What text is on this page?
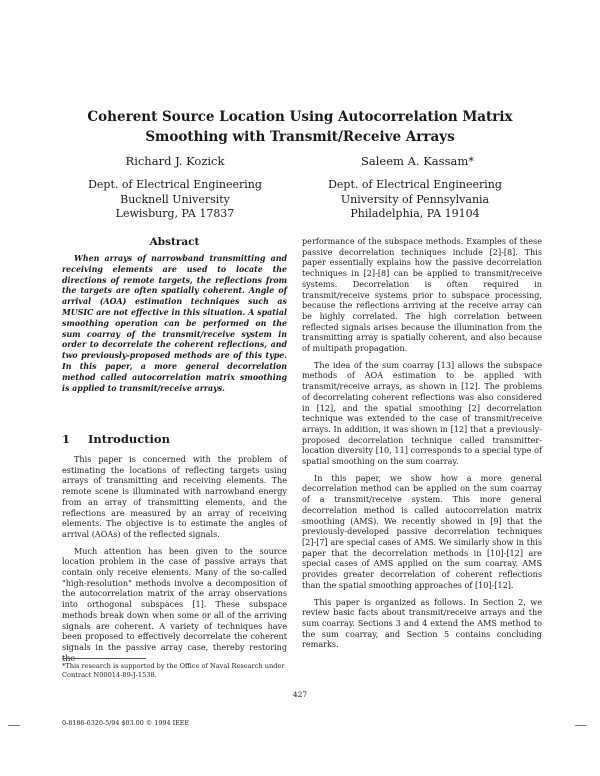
Coherent Source Location Using Autocorrelation Matrix
Smoothing with Transmit/Receive Arrays
Richard J. Kozick	Saleem A. Kassam*
Dept. of Electrical Engineering
Bucknell University
Lewisburg, PA 17837
Dept. of Electrical Engineering
University of Pennsylvania
Philadelphia, PA 19104
Abstract

When arrays of narrowband transmitting and receiving elements are used to locate the directions of remote targets, the reflections from the targets are often spatially coherent. Angle of arrival (AOA) estimation techniques such as MUSIC are not effective in this situation. A spatial smoothing operation can be performed on the sum coarray of the transmit/receive system in order to decorrelate the coherent reflections, and two previously-proposed methods are of this type. In this paper, a more general decorrelation method called autocorrelation matrix smoothing is applied to transmit/receive arrays.

1 Introduction

This paper is concerned with the problem of estimating the locations of reflecting targets using arrays of transmitting and receiving elements. The remote scene is illuminated with narrowband energy from an array of transmitting elements, and the reflections are measured by an array of receiving elements. The objective is to estimate the angles of arrival (AOAs) of the reflected signals.

Much attention has been given to the source location problem in the case of passive arrays that contain only receive elements. Many of the so-called "high-resolution" methods involve a decomposition of the autocorrelation matrix of the array observations into orthogonal subspaces [1]. These subspace methods break down when some or all of the arriving signals are coherent. A variety of techniques have been proposed to effectively decorrelate the coherent signals in the passive array case, thereby restoring the

*This research is supported by the Office of Naval Research under Contract N00014-89-J-1538.

performance of the subspace methods. Examples of these passive decorrelation techniques include [2]-[8]. This paper essentially explains how the passive decorrelation techniques in [2]-[8] can be applied to transmit/receive systems. Decorrelation is often required in transmit/receive systems prior to subspace processing, because the reflections arriving at the receive array can be highly correlated. The high correlation between reflected signals arises because the illumination from the transmitting array is spatially coherent, and also because of multipath propagation.

The idea of the sum coarray [13] allows the subspace methods of AOA estimation to be applied with transmit/receive arrays, as shown in [12]. The problems of decorrelating coherent reflections was also considered in [12], and the spatial smoothing [2] decorrelation technique was extended to the case of transmit/receive arrays. In addition, it was shown in [12] that a previously-proposed decorrelation technique called transmitter-location diversity [10, 11] corresponds to a special type of spatial smoothing on the sum coarray.

In this paper, we show how a more general decorrelation method can be applied on the sum coarray of a transmit/receive system. This more general decorrelation method is called autocorrelation matrix smoothing (AMS). We recently showed in [9] that the previously-developed passive decorrelation techniques [2]-[7] are special cases of AMS. We similarly show in this paper that the decorrelation methods in [10]-[12] are special cases of AMS applied on the sum coarray. AMS provides greater decorrelation of coherent reflections than the spatial smoothing approaches of [10]-[12].

This paper is organized as follows. In Section 2, we review basic facts about transmit/receive arrays and the sum coarray. Sections 3 and 4 extend the AMS method to the sum coarray, and Section 5 contains concluding remarks.

427
0-8186-6320-5/94 $03.00 © 1994 IEEE
